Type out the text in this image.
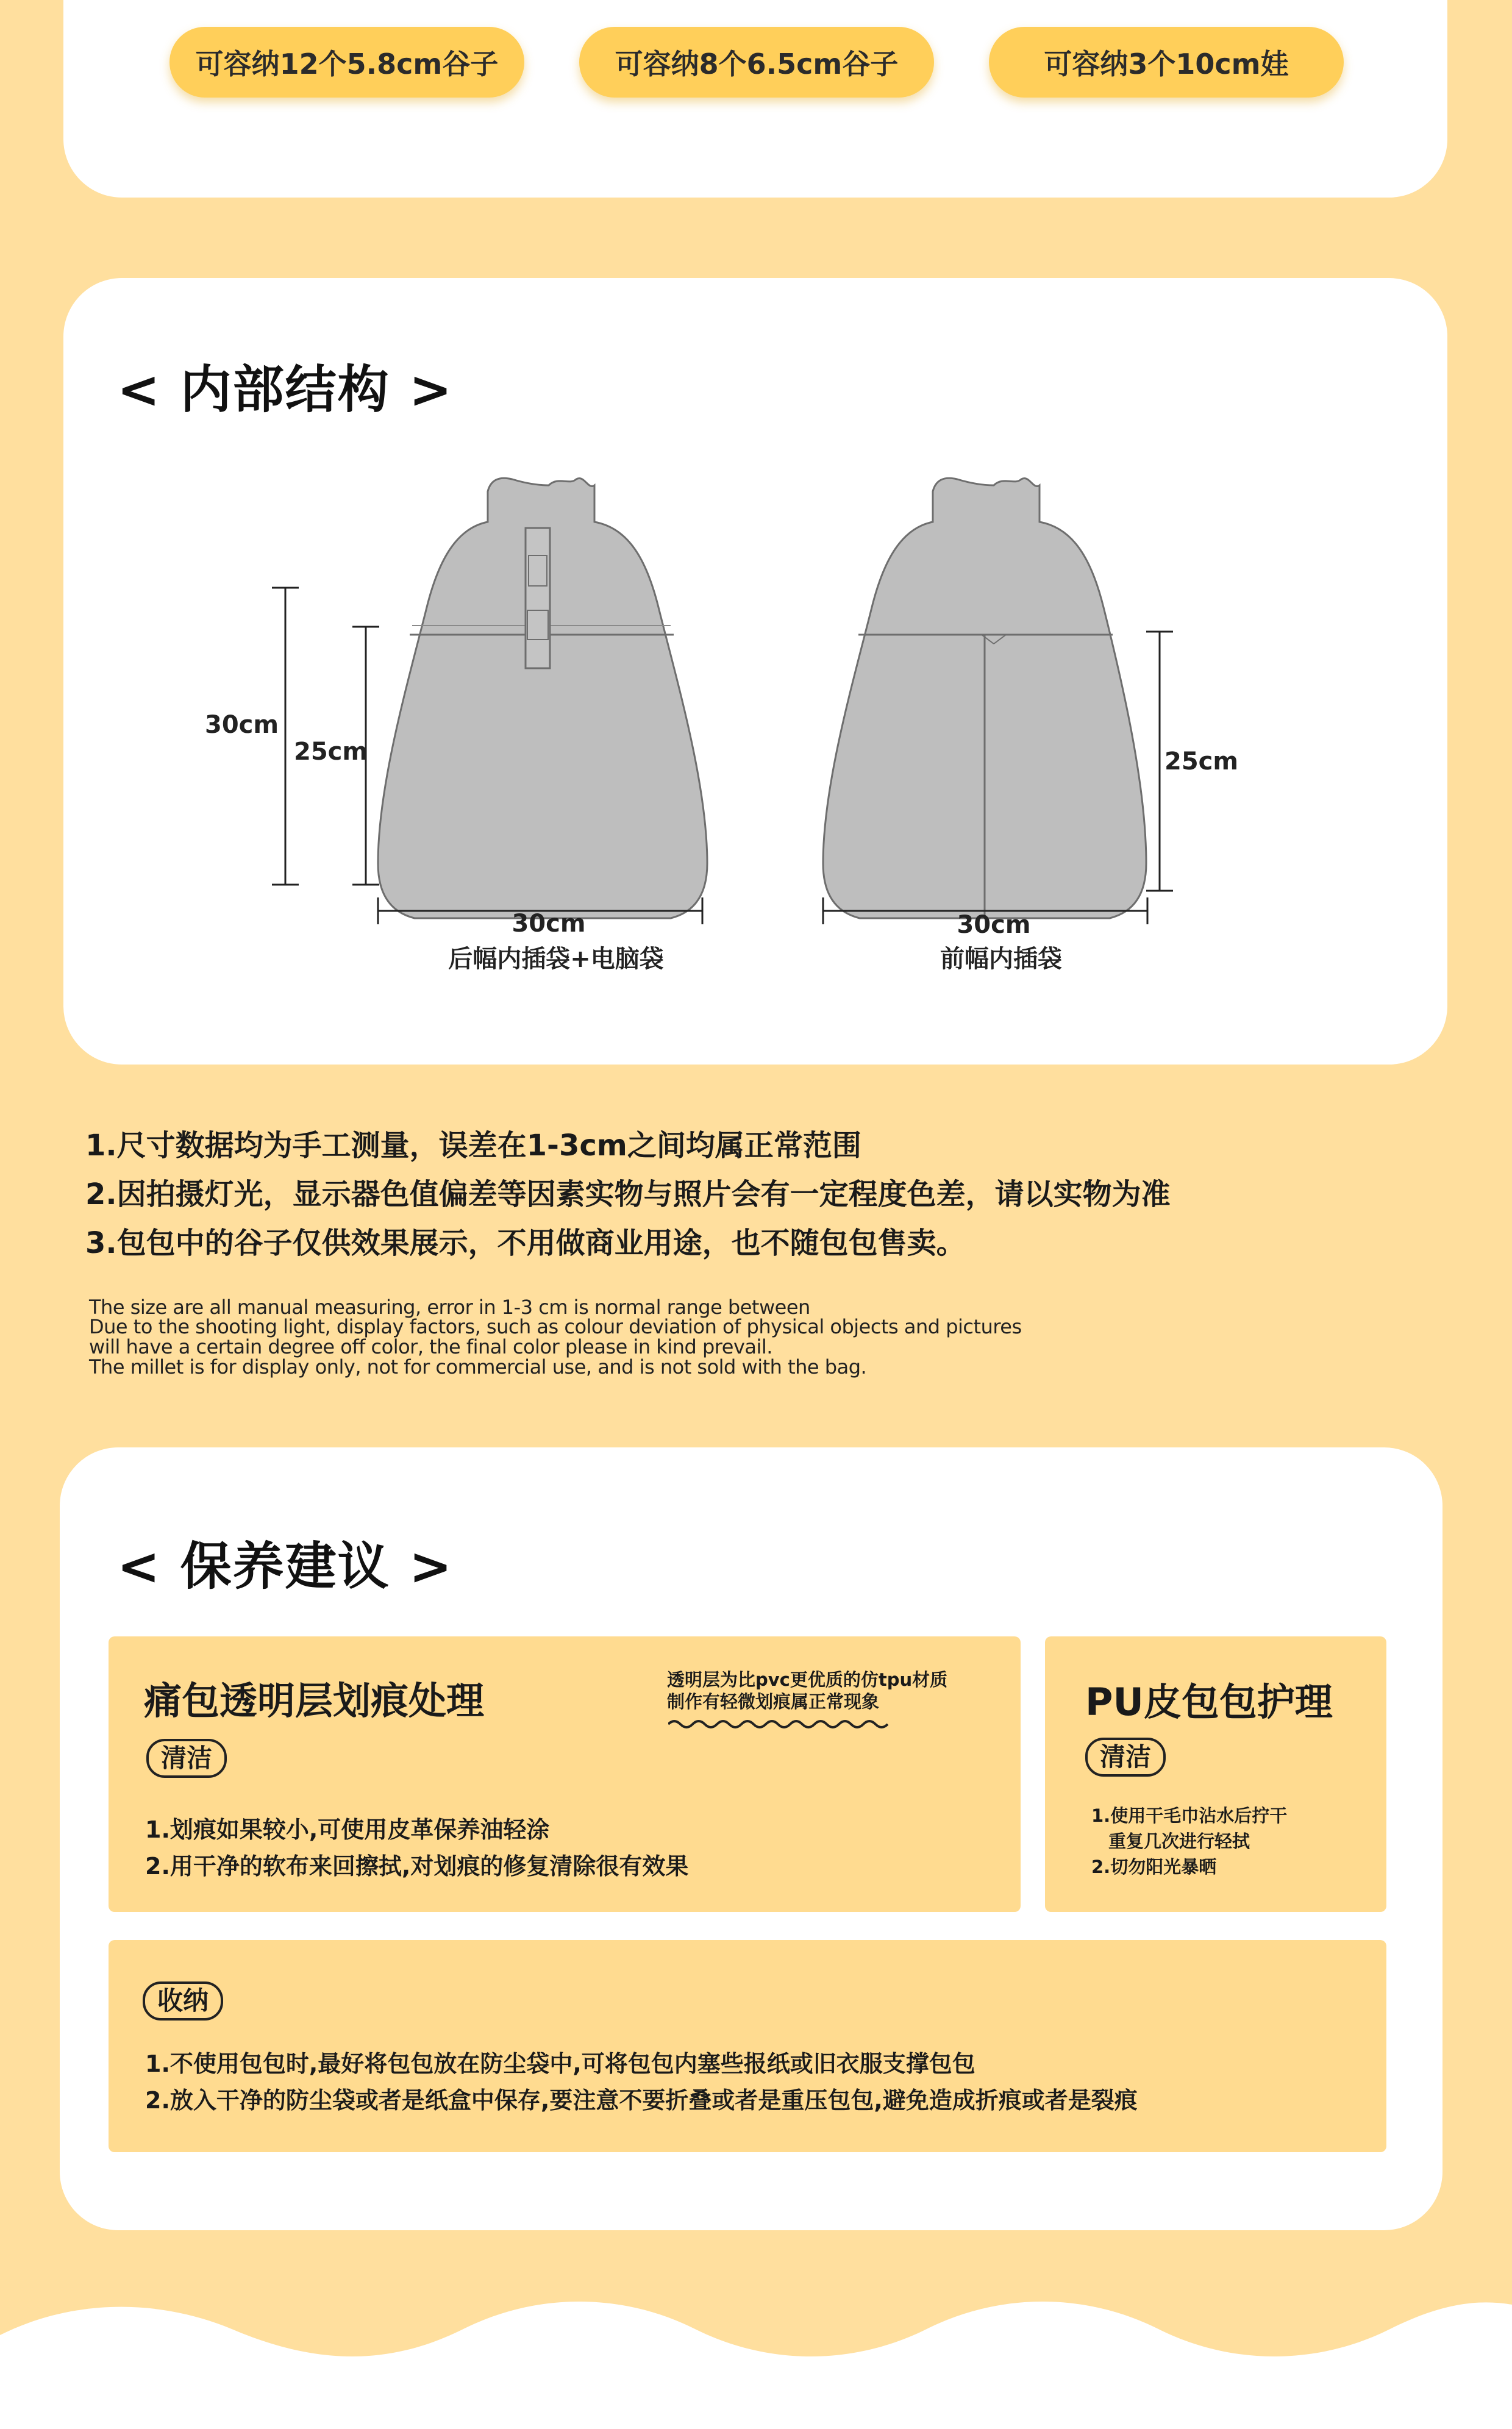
可容纳12个5.8cm谷子	可容纳8个6.5cm谷子	可容纳3个10cm娃
< 内部结构 >
30cm
25cm
30cm
后幅内插袋+电脑袋
25cm
30cm
前幅内插袋
1.尺寸数据均为手工测量，误差在1-3cm之间均属正常范围
2.因拍摄灯光，显示器色值偏差等因素实物与照片会有一定程度色差，请以实物为准
3.包包中的谷子仅供效果展示，不用做商业用途，也不随包包售卖。
The size are all manual measuring, error in 1-3 cm is normal range between
Due to the shooting light, display factors, such as colour deviation of physical objects and pictures
will have a certain degree off color, the final color please in kind prevail.
The millet is for display only, not for commercial use, and is not sold with the bag.
< 保养建议 >
痛包透明层划痕处理	透明层为比pvc更优质的仿tpu材质
制作有轻微划痕属正常现象
清洁
1.划痕如果较小,可使用皮革保养油轻涂
2.用干净的软布来回擦拭,对划痕的修复清除很有效果
PU皮包包护理
清洁
1.使用干毛巾沾水后拧干
重复几次进行轻拭
2.切勿阳光暴晒
收纳
1.不使用包包时,最好将包包放在防尘袋中,可将包包内塞些报纸或旧衣服支撑包包
2.放入干净的防尘袋或者是纸盒中保存,要注意不要折叠或者是重压包包,避免造成折痕或者是裂痕
